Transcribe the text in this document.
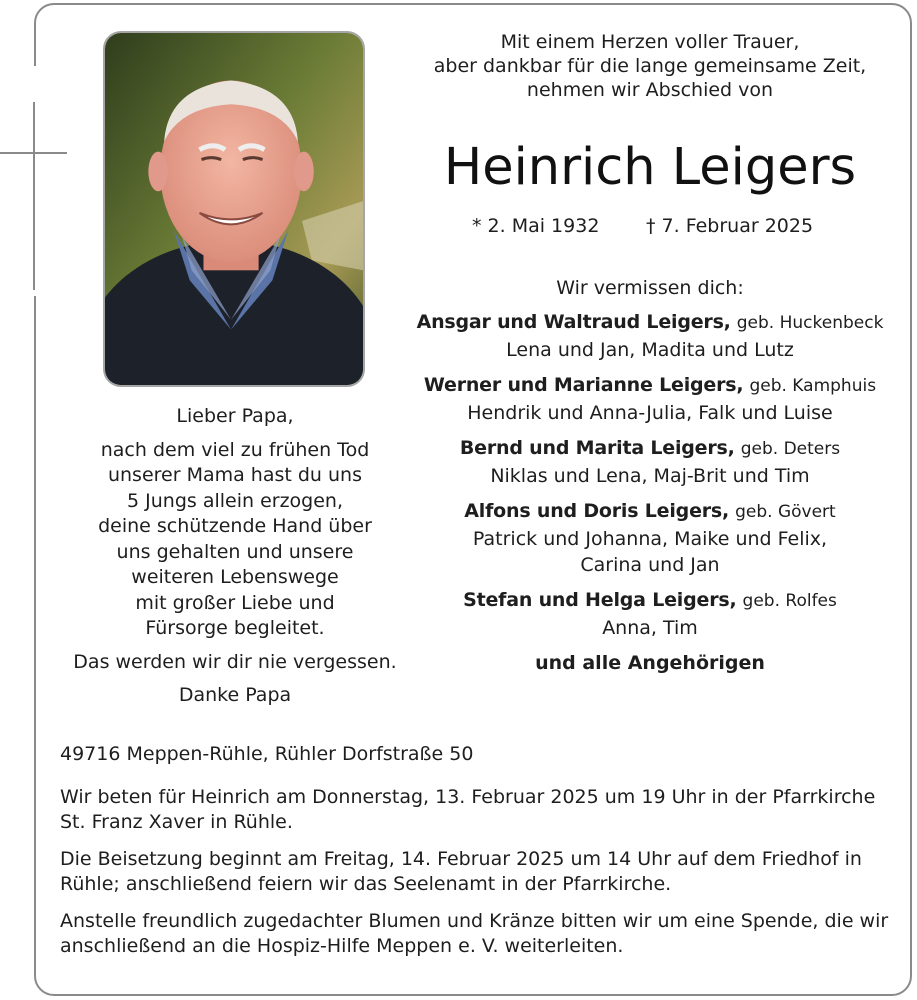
Mit einem Herzen voller Trauer,
aber dankbar für die lange gemeinsame Zeit,
nehmen wir Abschied von
Heinrich Leigers
* 2. Mai 1932 † 7. Februar 2025
Wir vermissen dich:
Ansgar und Waltraud Leigers, geb. Huckenbeck
Lena und Jan, Madita und Lutz
Werner und Marianne Leigers, geb. Kamphuis
Hendrik und Anna-Julia, Falk und Luise
Bernd und Marita Leigers, geb. Deters
Niklas und Lena, Maj-Brit und Tim
Alfons und Doris Leigers, geb. Gövert
Patrick und Johanna, Maike und Felix,
Carina und Jan
Stefan und Helga Leigers, geb. Rolfes
Anna, Tim
und alle Angehörigen
Lieber Papa,
nach dem viel zu frühen Tod
unserer Mama hast du uns
5 Jungs allein erzogen,
deine schützende Hand über
uns gehalten und unsere
weiteren Lebenswege
mit großer Liebe und
Fürsorge begleitet.
Das werden wir dir nie vergessen.
Danke Papa

49716 Meppen-Rühle, Rühler Dorfstraße 50

Wir beten für Heinrich am Donnerstag, 13. Februar 2025 um 19 Uhr in der Pfarrkirche St. Franz Xaver in Rühle.

Die Beisetzung beginnt am Freitag, 14. Februar 2025 um 14 Uhr auf dem Friedhof in Rühle; anschließend feiern wir das Seelenamt in der Pfarrkirche.

Anstelle freundlich zugedachter Blumen und Kränze bitten wir um eine Spende, die wir anschließend an die Hospiz-Hilfe Meppen e. V. weiterleiten.
